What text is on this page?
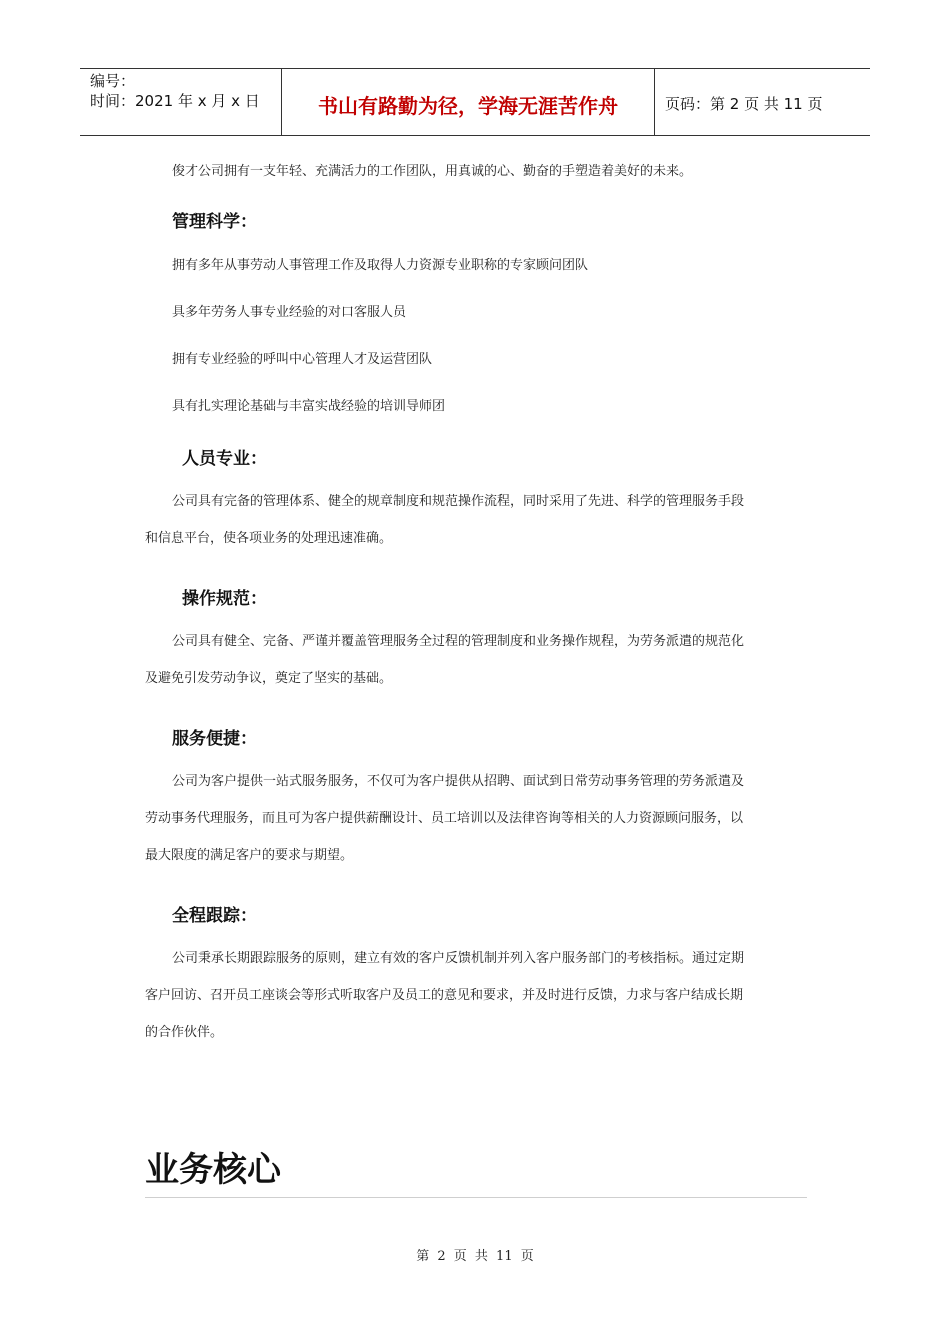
编号：
时间：2021 年 x 月 x 日	书山有路勤为径，学海无涯苦作舟	页码：第 2 页 共 11 页
俊才公司拥有一支年轻、充满活力的工作团队，用真诚的心、勤奋的手塑造着美好的未来。
管理科学：
拥有多年从事劳动人事管理工作及取得人力资源专业职称的专家顾问团队
具多年劳务人事专业经验的对口客服人员
拥有专业经验的呼叫中心管理人才及运营团队
具有扎实理论基础与丰富实战经验的培训导师团
人员专业：
公司具有完备的管理体系、健全的规章制度和规范操作流程，同时采用了先进、科学的管理服务手段
和信息平台，使各项业务的处理迅速准确。
操作规范：
公司具有健全、完备、严谨并覆盖管理服务全过程的管理制度和业务操作规程，为劳务派遣的规范化
及避免引发劳动争议，奠定了坚实的基础。
服务便捷：
公司为客户提供一站式服务服务，不仅可为客户提供从招聘、面试到日常劳动事务管理的劳务派遣及
劳动事务代理服务，而且可为客户提供薪酬设计、员工培训以及法律咨询等相关的人力资源顾问服务，以
最大限度的满足客户的要求与期望。
全程跟踪：
公司秉承长期跟踪服务的原则，建立有效的客户反馈机制并列入客户服务部门的考核指标。通过定期
客户回访、召开员工座谈会等形式听取客户及员工的意见和要求，并及时进行反馈，力求与客户结成长期
的合作伙伴。
业务核心
第 2 页 共 11 页
